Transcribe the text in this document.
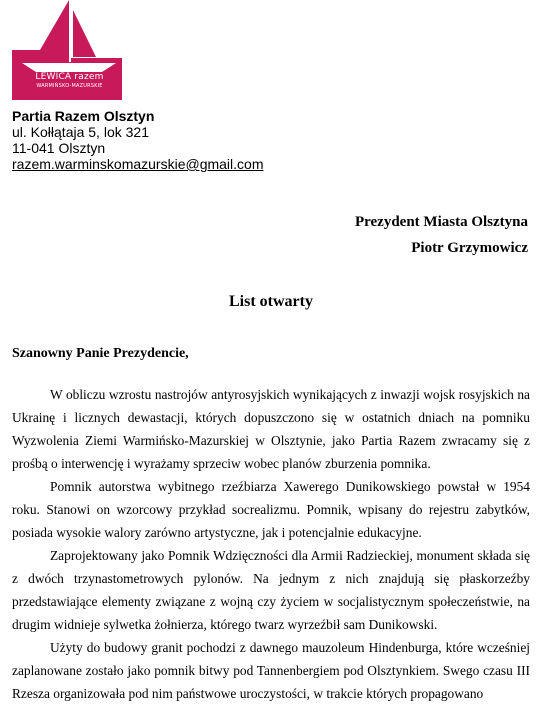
LEWICA razem
WARMIŃSKO-MAZURSKIE
Partia Razem Olsztyn
ul. Kołłątaja 5, lok 321
11-041 Olsztyn
razem.warminskomazurskie@gmail.com
Prezydent Miasta Olsztyna
Piotr Grzymowicz
List otwarty
Szanowny Panie Prezydencie,

W obliczu wzrostu nastrojów antyrosyjskich wynikających z inwazji wojsk rosyjskich na Ukrainę i licznych dewastacji, których dopuszczono się w ostatnich dniach na pomniku Wyzwolenia Ziemi Warmińsko-Mazurskiej w Olsztynie, jako Partia Razem zwracamy się z prośbą o interwencję i wyrażamy sprzeciw wobec planów zburzenia pomnika.

Pomnik autorstwa wybitnego rzeźbiarza Xawerego Dunikowskiego powstał w 1954 roku. Stanowi on wzorcowy przykład socrealizmu. Pomnik, wpisany do rejestru zabytków, posiada wysokie walory zarówno artystyczne, jak i potencjalnie edukacyjne.

Zaprojektowany jako Pomnik Wdzięczności dla Armii Radzieckiej, monument składa się z dwóch trzynastometrowych pylonów. Na jednym z nich znajdują się płaskorzeźby przedstawiające elementy związane z wojną czy życiem w socjalistycznym społeczeństwie, na drugim widnieje sylwetka żołnierza, którego twarz wyrzeźbił sam Dunikowski.

Użyty do budowy granit pochodzi z dawnego mauzoleum Hindenburga, które wcześniej zaplanowane zostało jako pomnik bitwy pod Tannenbergiem pod Olsztynkiem. Swego czasu III Rzesza organizowała pod nim państwowe uroczystości, w trakcie których propagowano
